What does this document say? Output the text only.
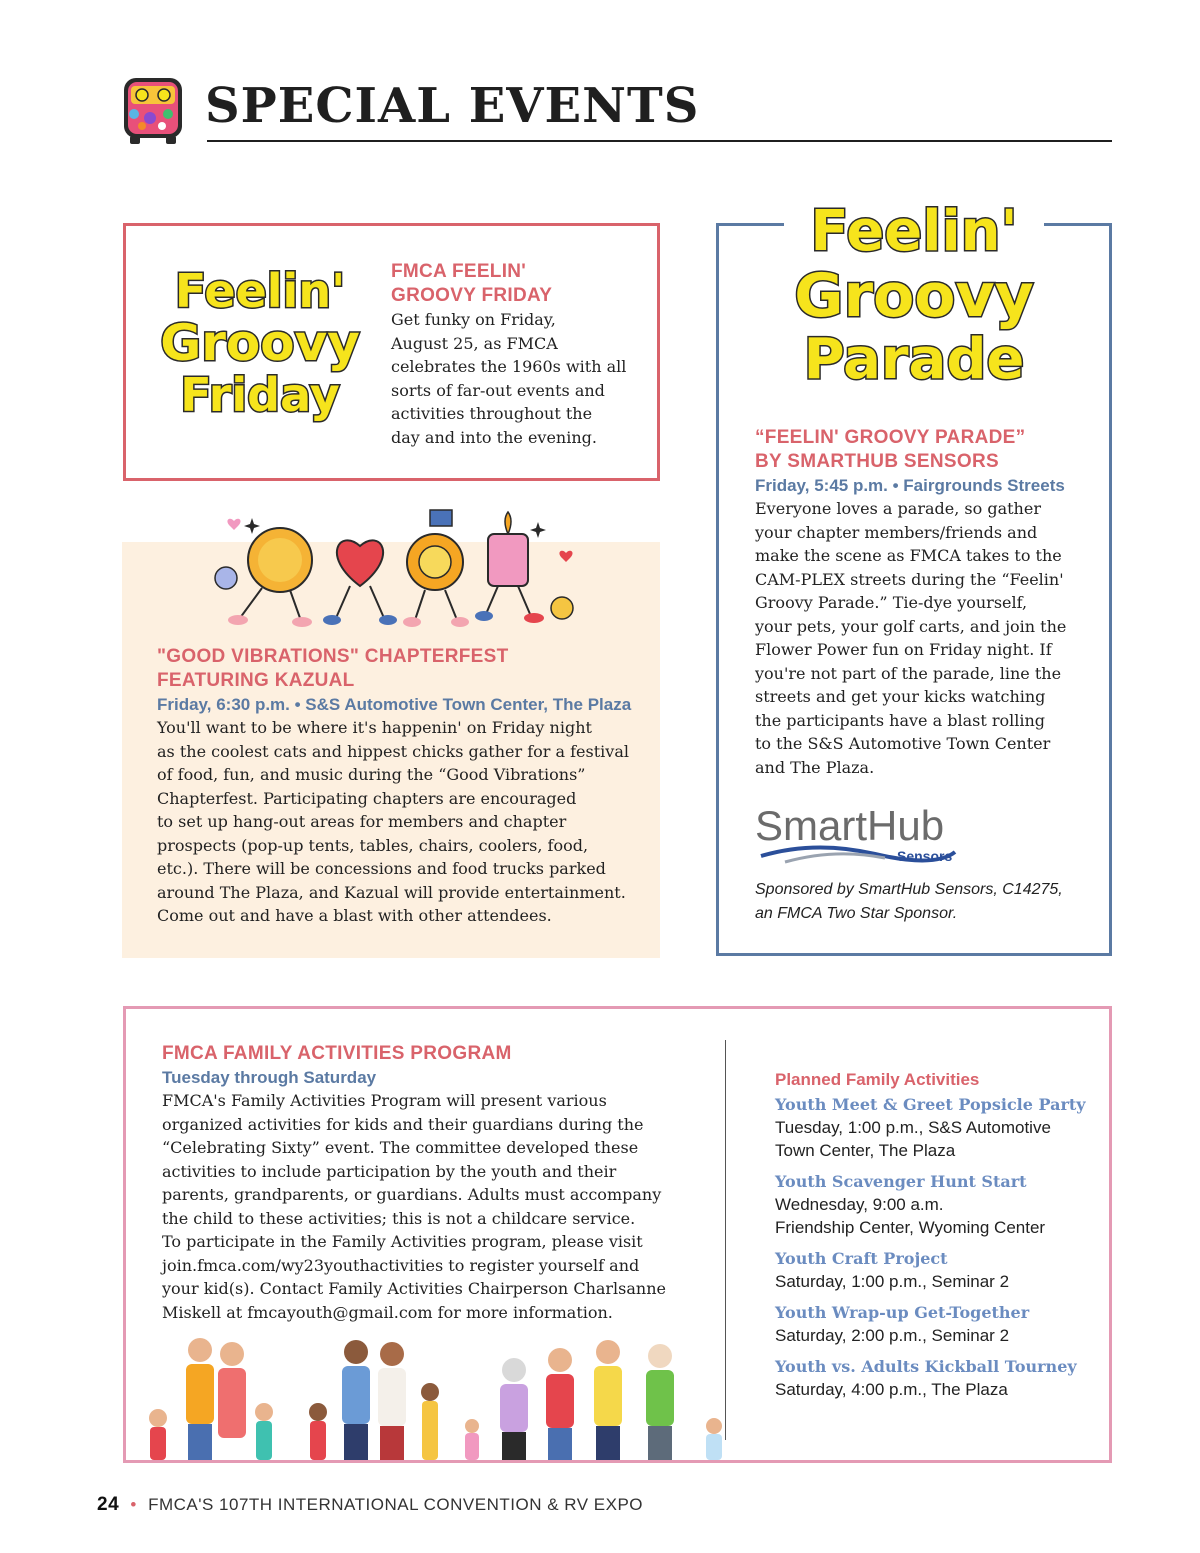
SPECIAL EVENTS
Feelin'
Groovy
Friday

FMCA FEELIN'

GROOVY FRIDAY

Get funky on Friday,

August 25, as FMCA

celebrates the 1960s with all

sorts of far-out events and

activities throughout the

day and into the evening.

"GOOD VIBRATIONS" CHAPTERFEST

FEATURING KAZUAL

Friday, 6:30 p.m. • S&S Automotive Town Center, The Plaza

You'll want to be where it's happenin' on Friday night

as the coolest cats and hippest chicks gather for a festival

of food, fun, and music during the “Good Vibrations”

Chapterfest. Participating chapters are encouraged

to set up hang-out areas for members and chapter

prospects (pop-up tents, tables, chairs, coolers, food,

etc.). There will be concessions and food trucks parked

around The Plaza, and Kazual will provide entertainment.

Come out and have a blast with other attendees.

Feelin'
Groovy
Parade

“FEELIN' GROOVY PARADE”

BY SMARTHUB SENSORS

Friday, 5:45 p.m. • Fairgrounds Streets

Everyone loves a parade, so gather

your chapter members/friends and

make the scene as FMCA takes to the

CAM-PLEX streets during the “Feelin'

Groovy Parade.” Tie-dye yourself,

your pets, your golf carts, and join the

Flower Power fun on Friday night. If

you're not part of the parade, line the

streets and get your kicks watching

the participants have a blast rolling

to the S&S Automotive Town Center

and The Plaza.

SmartHub
Sensors
Sponsored by SmartHub Sensors, C14275,
an FMCA Two Star Sponsor.

FMCA FAMILY ACTIVITIES PROGRAM

Tuesday through Saturday

FMCA's Family Activities Program will present various

organized activities for kids and their guardians during the

“Celebrating Sixty” event. The committee developed these

activities to include participation by the youth and their

parents, grandparents, or guardians. Adults must accompany

the child to these activities; this is not a childcare service.

To participate in the Family Activities program, please visit

join.fmca.com/wy23youthactivities to register yourself and

your kid(s). Contact Family Activities Chairperson Charlsanne

Miskell at fmcayouth@gmail.com for more information.

Planned Family Activities

Youth Meet & Greet Popsicle Party

Tuesday, 1:00 p.m., S&S Automotive

Town Center, The Plaza

Youth Scavenger Hunt Start

Wednesday, 9:00 a.m.

Friendship Center, Wyoming Center

Youth Craft Project

Saturday, 1:00 p.m., Seminar 2

Youth Wrap-up Get-Together

Saturday, 2:00 p.m., Seminar 2

Youth vs. Adults Kickball Tourney

Saturday, 4:00 p.m., The Plaza

24 • FMCA'S 107TH INTERNATIONAL CONVENTION & RV EXPO
